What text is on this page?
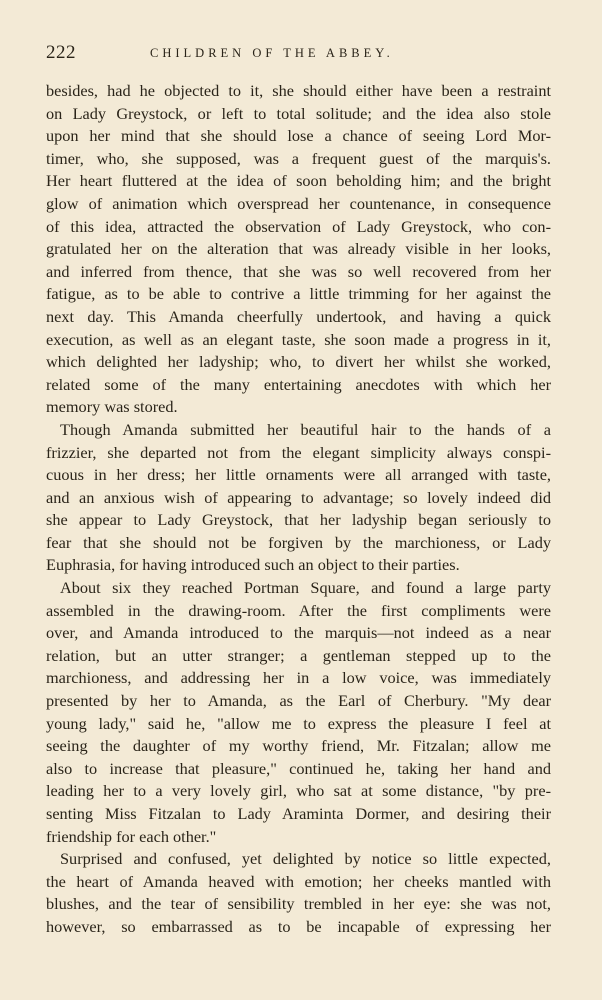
222	CHILDREN OF THE ABBEY.
besides, had he objected to it, she should either have been a restraint
on Lady Greystock, or left to total solitude; and the idea also stole
upon her mind that she should lose a chance of seeing Lord Mor-
timer, who, she supposed, was a frequent guest of the marquis's.
Her heart fluttered at the idea of soon beholding him; and the bright
glow of animation which overspread her countenance, in consequence
of this idea, attracted the observation of Lady Greystock, who con-
gratulated her on the alteration that was already visible in her looks,
and inferred from thence, that she was so well recovered from her
fatigue, as to be able to contrive a little trimming for her against the
next day. This Amanda cheerfully undertook, and having a quick
execution, as well as an elegant taste, she soon made a progress in it,
which delighted her ladyship; who, to divert her whilst she worked,
related some of the many entertaining anecdotes with which her
memory was stored.
Though Amanda submitted her beautiful hair to the hands of a
frizzier, she departed not from the elegant simplicity always conspi-
cuous in her dress; her little ornaments were all arranged with taste,
and an anxious wish of appearing to advantage; so lovely indeed did
she appear to Lady Greystock, that her ladyship began seriously to
fear that she should not be forgiven by the marchioness, or Lady
Euphrasia, for having introduced such an object to their parties.
About six they reached Portman Square, and found a large party
assembled in the drawing-room. After the first compliments were
over, and Amanda introduced to the marquis—not indeed as a near
relation, but an utter stranger; a gentleman stepped up to the
marchioness, and addressing her in a low voice, was immediately
presented by her to Amanda, as the Earl of Cherbury. "My dear
young lady," said he, "allow me to express the pleasure I feel at
seeing the daughter of my worthy friend, Mr. Fitzalan; allow me
also to increase that pleasure," continued he, taking her hand and
leading her to a very lovely girl, who sat at some distance, "by pre-
senting Miss Fitzalan to Lady Araminta Dormer, and desiring their
friendship for each other."
Surprised and confused, yet delighted by notice so little expected,
the heart of Amanda heaved with emotion; her cheeks mantled with
blushes, and the tear of sensibility trembled in her eye: she was not,
however, so embarrassed as to be incapable of expressing her
